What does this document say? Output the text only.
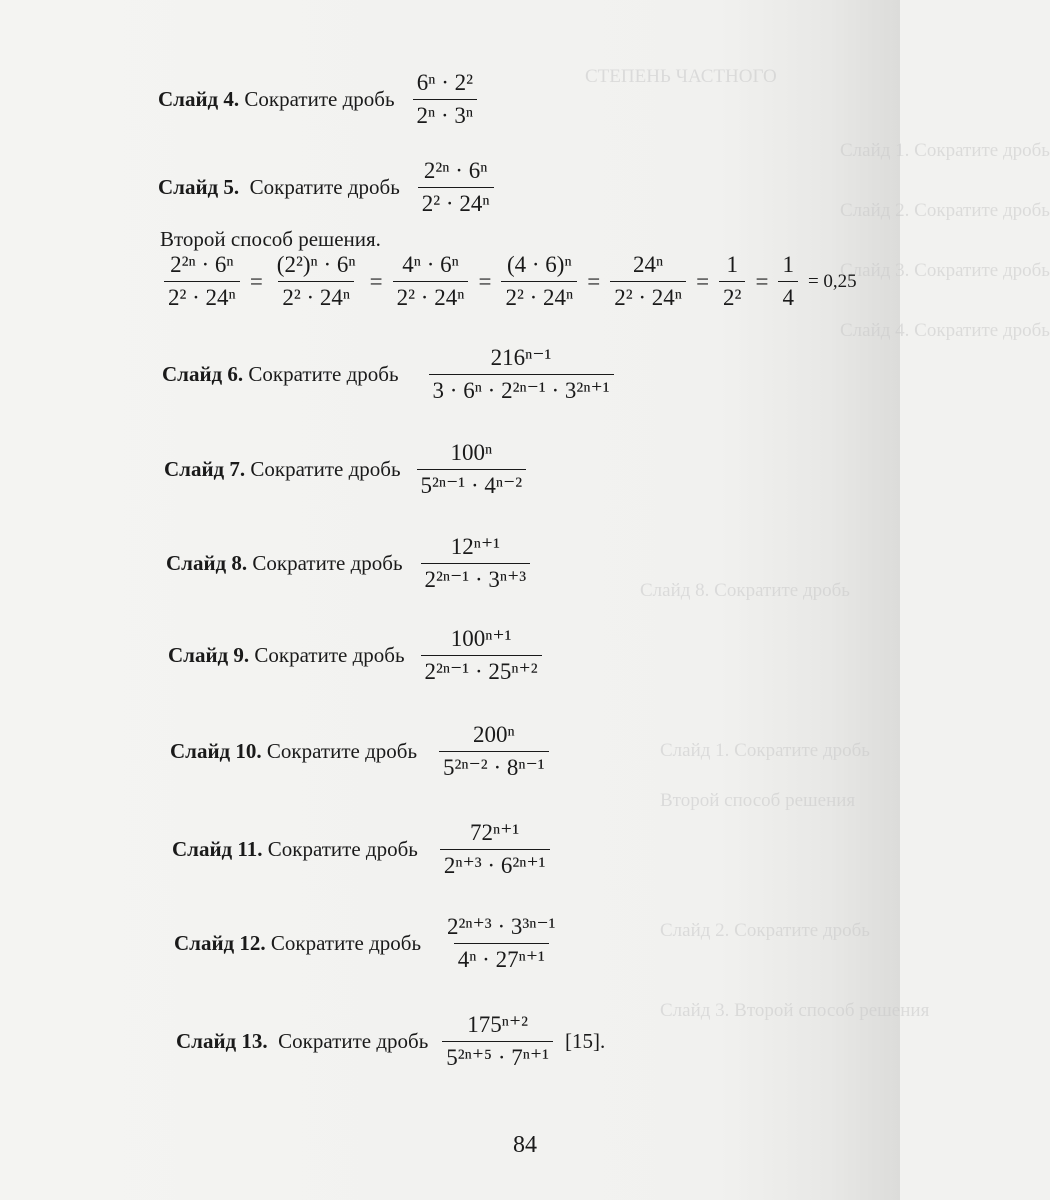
СТЕПЕНЬ ЧАСТНОГО
Слайд 1. Сократите дробь
Слайд 2. Сократите дробь
Слайд 3. Сократите дробь
Слайд 4. Сократите дробь
Слайд 8. Сократите дробь
Слайд 1. Сократите дробь
Второй способ решения
Слайд 2. Сократите дробь
Слайд 3. Второй способ решения
Слайд 4. Сократите дробь $\frac{\text{6ⁿ · 2²}}{\text{2ⁿ · 3ⁿ}}$
Слайд 5. Сократите дробь $\frac{\text{2²ⁿ · 6ⁿ}}{\text{2² · 24ⁿ}}$
Второй способ решения.
$\frac{\text{2²ⁿ · 6ⁿ}}{\text{2² · 24ⁿ}} = \frac{\text{(2²)ⁿ · 6ⁿ}}{\text{2² · 24ⁿ}} = \frac{\text{4ⁿ · 6ⁿ}}{\text{2² · 24ⁿ}} = \frac{\text{(4 · 6)ⁿ}}{\text{2² · 24ⁿ}} = \frac{\text{24ⁿ}}{\text{2² · 24ⁿ}} = \frac{1}{\text{2²}} = \frac{1}{4} = 0,25$
Слайд 6. Сократите дробь $\frac{\text{216ⁿ⁻¹}}{\text{3 · 6ⁿ · 2²ⁿ⁻¹ · 3²ⁿ⁺¹}}$
Слайд 7. Сократите дробь $\frac{\text{100ⁿ}}{\text{5²ⁿ⁻¹ · 4ⁿ⁻²}}$
Слайд 8. Сократите дробь $\frac{\text{12ⁿ⁺¹}}{\text{2²ⁿ⁻¹ · 3ⁿ⁺³}}$
Слайд 9. Сократите дробь $\frac{\text{100ⁿ⁺¹}}{\text{2²ⁿ⁻¹ · 25ⁿ⁺²}}$
Слайд 10. Сократите дробь $\frac{\text{200ⁿ}}{\text{5²ⁿ⁻² · 8ⁿ⁻¹}}$
Слайд 11. Сократите дробь $\frac{\text{72ⁿ⁺¹}}{\text{2ⁿ⁺³ · 6²ⁿ⁺¹}}$
Слайд 12. Сократите дробь $\frac{\text{2²ⁿ⁺³ · 3³ⁿ⁻¹}}{\text{4ⁿ · 27ⁿ⁺¹}}$
Слайд 13. Сократите дробь $\frac{\text{175ⁿ⁺²}}{\text{5²ⁿ⁺⁵ · 7ⁿ⁺¹}} [15]$.
84
